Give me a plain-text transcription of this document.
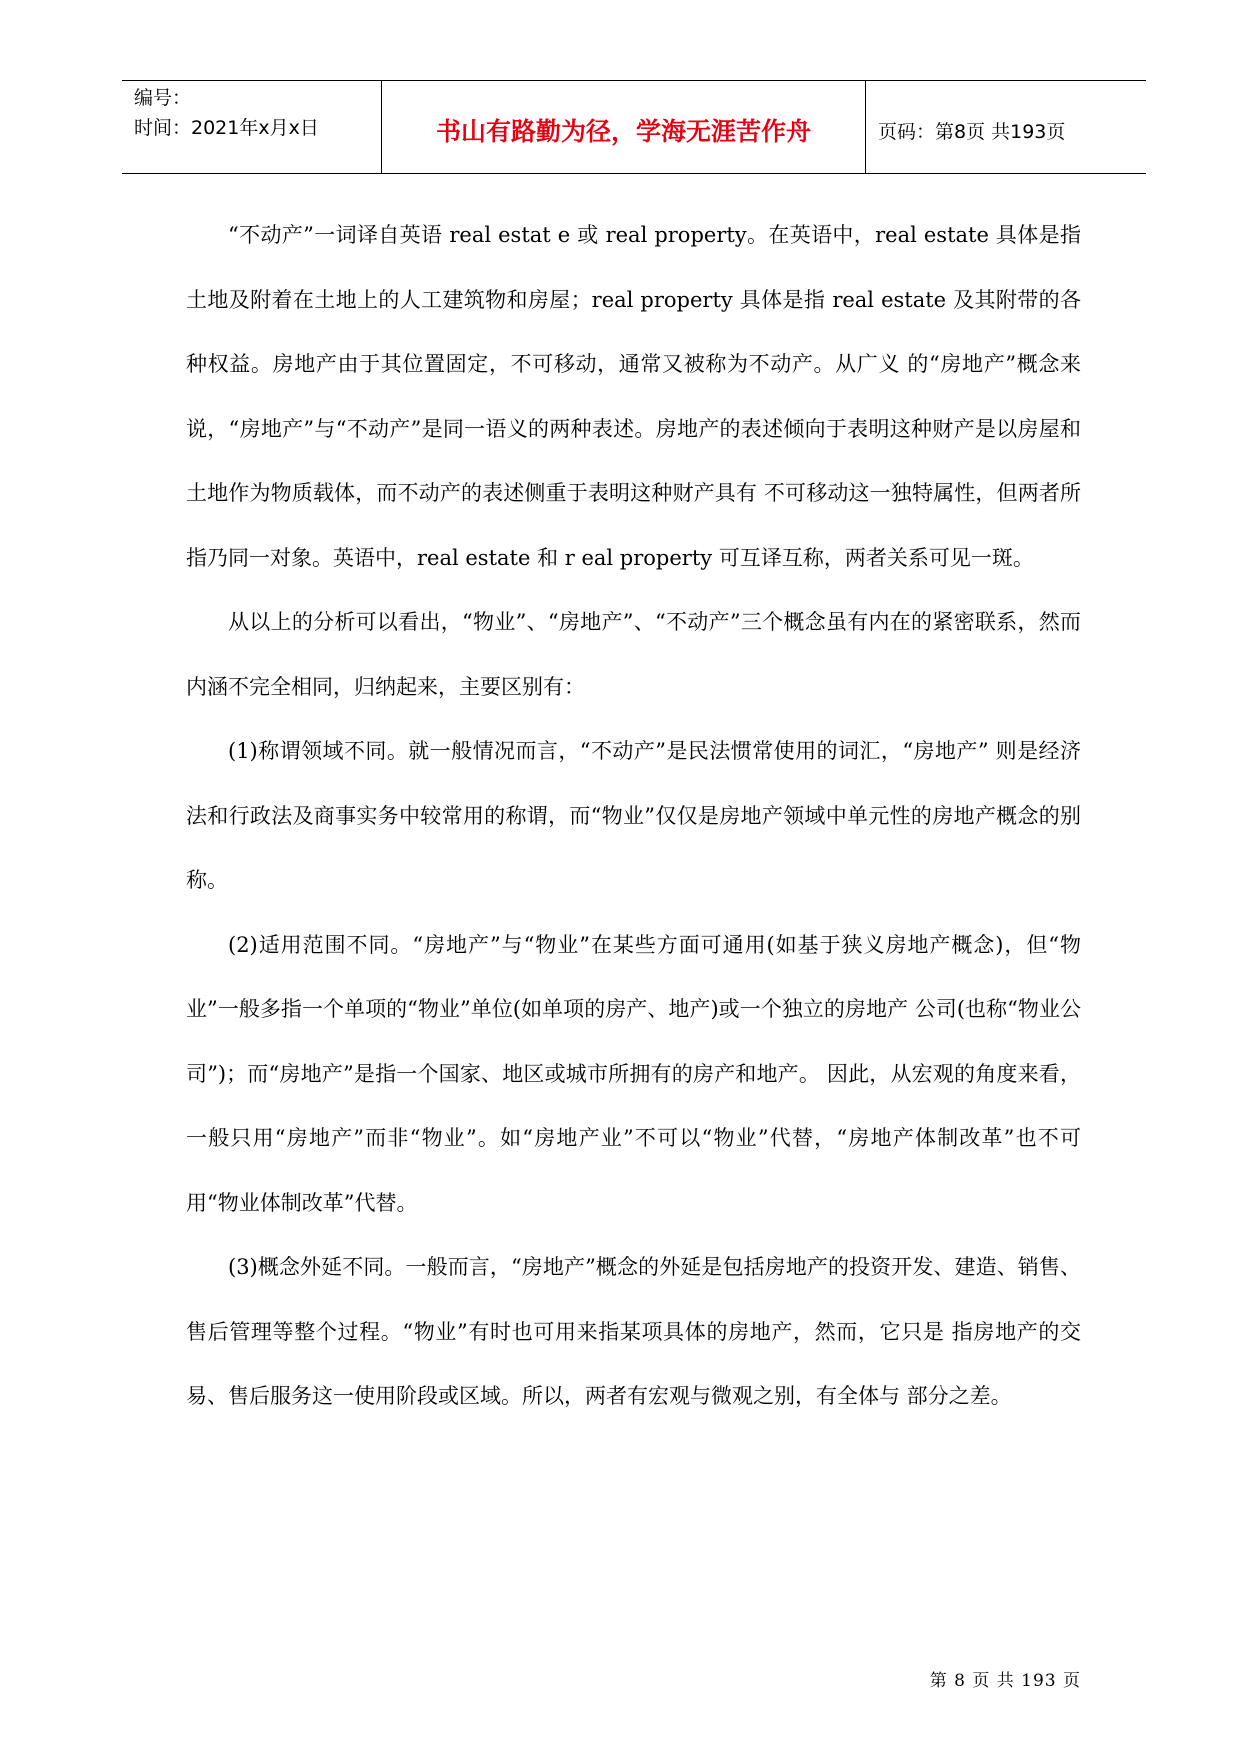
编号：
时间：2021年x月x日	书山有路勤为径，学海无涯苦作舟	页码：第8页 共193页

“不动产”一词译自英语 real estat e 或 real property。在英语中，real estate 具体是指土地及附着在土地上的人工建筑物和房屋；real property 具体是指 real estate 及其附带的各种权益。房地产由于其位置固定，不可移动，通常又被称为不动产。从广义 的“房地产”概念来说，“房地产”与“不动产”是同一语义的两种表述。房地产的表述倾向于表明这种财产是以房屋和土地作为物质载体，而不动产的表述侧重于表明这种财产具有 不可移动这一独特属性，但两者所指乃同一对象。英语中，real estate 和 r eal property 可互译互称，两者关系可见一斑。

从以上的分析可以看出，“物业”、“房地产”、“不动产”三个概念虽有内在的紧密联系，然而内涵不完全相同，归纳起来，主要区别有：

(1)称谓领域不同。就一般情况而言，“不动产”是民法惯常使用的词汇，“房地产” 则是经济法和行政法及商事实务中较常用的称谓，而“物业”仅仅是房地产领域中单元性的房地产概念的别称。

(2)适用范围不同。“房地产”与“物业”在某些方面可通用(如基于狭义房地产概念)，但“物业”一般多指一个单项的“物业”单位(如单项的房产、地产)或一个独立的房地产 公司(也称“物业公司”)；而“房地产”是指一个国家、地区或城市所拥有的房产和地产。 因此，从宏观的角度来看，一般只用“房地产”而非“物业”。如“房地产业”不可以“物业”代替，“房地产体制改革”也不可用“物业体制改革”代替。

(3)概念外延不同。一般而言，“房地产”概念的外延是包括房地产的投资开发、建造、销售、售后管理等整个过程。“物业”有时也可用来指某项具体的房地产，然而，它只是 指房地产的交易、售后服务这一使用阶段或区域。所以，两者有宏观与微观之别，有全体与 部分之差。

第 8 页 共 193 页
